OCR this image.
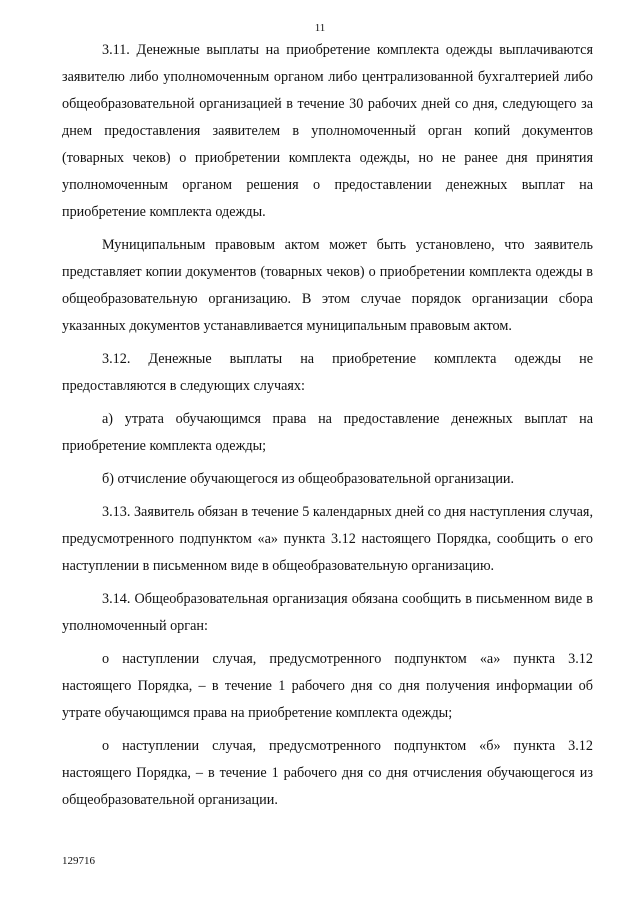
11

3.11. Денежные выплаты на приобретение комплекта одежды выплачиваются заявителю либо уполномоченным органом либо централизованной бухгалтерией либо общеобразовательной организацией в течение 30 рабочих дней со дня, следующего за днем предоставления заявителем в уполномоченный орган копий документов (товарных чеков) о приобретении комплекта одежды, но не ранее дня принятия уполномоченным органом решения о предоставлении денежных выплат на приобретение комплекта одежды.

Муниципальным правовым актом может быть установлено, что заявитель представляет копии документов (товарных чеков) о приобретении комплекта одежды в общеобразовательную организацию. В этом случае порядок организации сбора указанных документов устанавливается муниципальным правовым актом.

3.12. Денежные выплаты на приобретение комплекта одежды не предоставляются в следующих случаях:

а) утрата обучающимся права на предоставление денежных выплат на приобретение комплекта одежды;

б) отчисление обучающегося из общеобразовательной организации.

3.13. Заявитель обязан в течение 5 календарных дней со дня наступления случая, предусмотренного подпунктом «а» пункта 3.12 настоящего Порядка, сообщить о его наступлении в письменном виде в общеобразовательную организацию.

3.14. Общеобразовательная организация обязана сообщить в письменном виде в уполномоченный орган:

о наступлении случая, предусмотренного подпунктом «а» пункта 3.12 настоящего Порядка, – в течение 1 рабочего дня со дня получения информации об утрате обучающимся права на приобретение комплекта одежды;

о наступлении случая, предусмотренного подпунктом «б» пункта 3.12 настоящего Порядка, – в течение 1 рабочего дня со дня отчисления обучающегося из общеобразовательной организации.

129716
